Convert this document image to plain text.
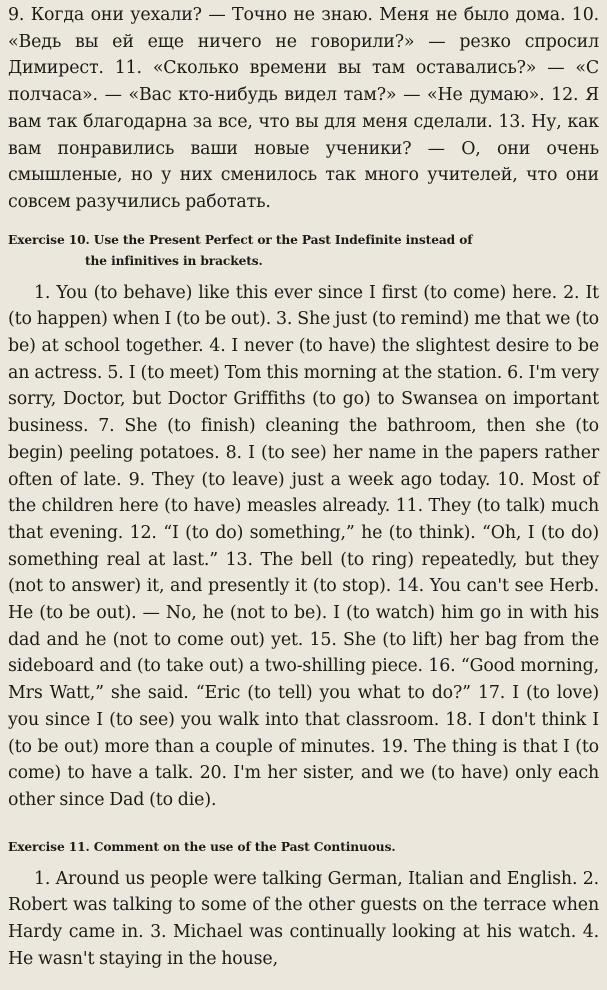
9. Когда они уехали? — Точно не знаю. Меня не было дома. 10. «Ведь вы ей еще ничего не говорили?» — резко спросил Димирест. 11. «Сколько времени вы там оставались?» — «С полчаса». — «Вас кто-нибудь видел там?» — «Не думаю». 12. Я вам так благодарна за все, что вы для меня сделали. 13. Ну, как вам понравились ваши новые ученики? — О, они очень смышленые, но у них сменилось так много учителей, что они совсем разучились работать.

Exercise 10. Use the Present Perfect or the Past Indefinite instead of
the infinitives in brackets.

1. You (to behave) like this ever since I first (to come) here. 2. It (to happen) when I (to be out). 3. She just (to remind) me that we (to be) at school together. 4. I never (to have) the slightest desire to be an actress. 5. I (to meet) Tom this morning at the station. 6. I'm very sorry, Doctor, but Doctor Griffiths (to go) to Swansea on important business. 7. She (to finish) cleaning the bathroom, then she (to begin) peeling potatoes. 8. I (to see) her name in the papers rather often of late. 9. They (to leave) just a week ago today. 10. Most of the children here (to have) measles already. 11. They (to talk) much that evening. 12. “I (to do) something,” he (to think). “Oh, I (to do) something real at last.” 13. The bell (to ring) repeatedly, but they (not to answer) it, and presently it (to stop). 14. You can't see Herb. He (to be out). — No, he (not to be). I (to watch) him go in with his dad and he (not to come out) yet. 15. She (to lift) her bag from the sideboard and (to take out) a two-shilling piece. 16. “Good morning, Mrs Watt,” she said. “Eric (to tell) you what to do?” 17. I (to love) you since I (to see) you walk into that classroom. 18. I don't think I (to be out) more than a couple of minutes. 19. The thing is that I (to come) to have a talk. 20. I'm her sister, and we (to have) only each other since Dad (to die).

Exercise 11. Comment on the use of the Past Continuous.

1. Around us people were talking German, Italian and English. 2. Robert was talking to some of the other guests on the terrace when Hardy came in. 3. Michael was continually looking at his watch. 4. He wasn't staying in the house,
